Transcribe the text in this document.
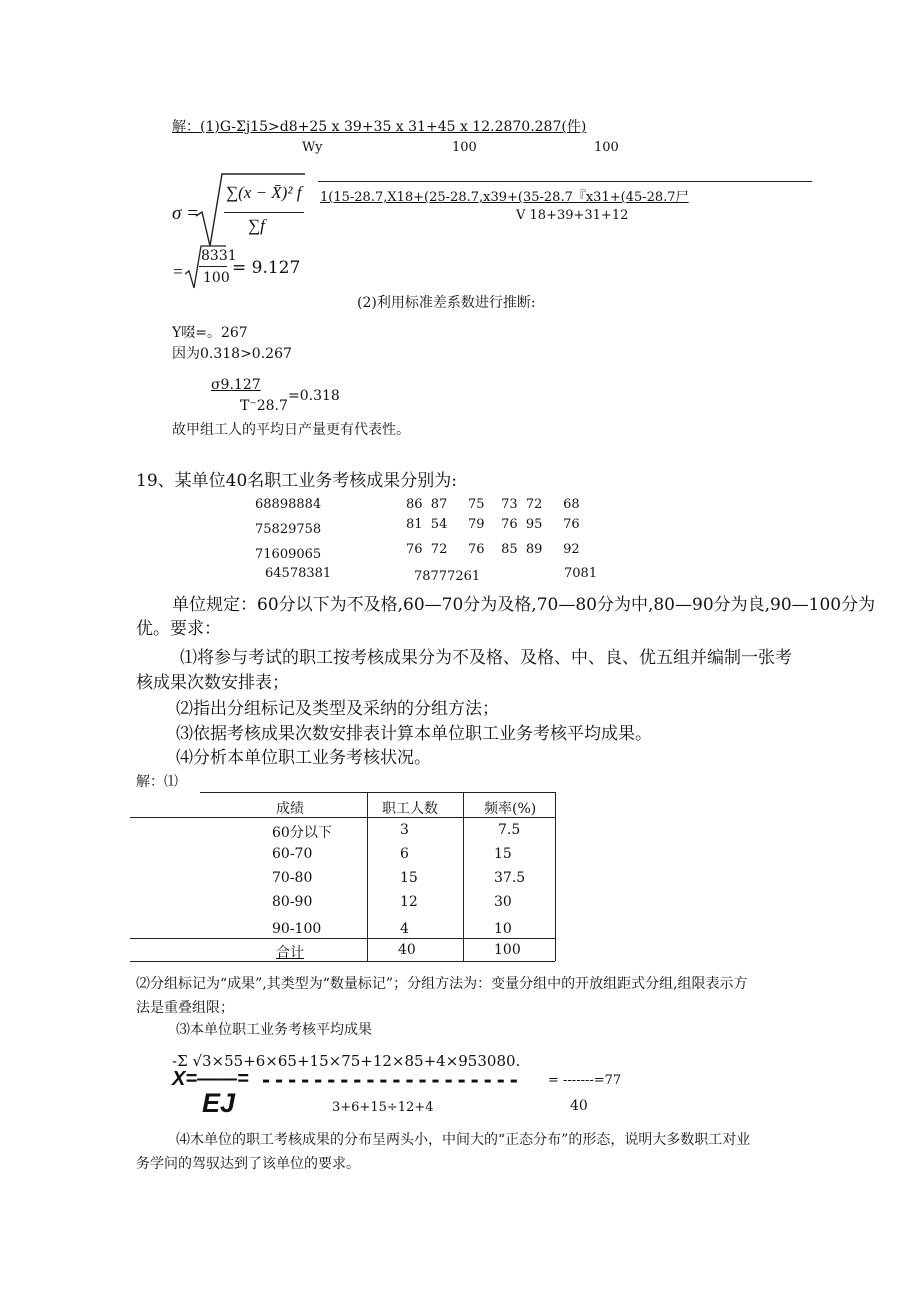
解：(1)G-Σj15>d8+25 x 39+35 x 31+45 x 12.2870.287(件)
Wy	100	100
σ =
∑(x − X̄)² f
∑f
1(15-28.7,X18+(25-28.7,x39+(35-28.7『x31+(45-28.7尸
V 18+39+31+12
=
8331
100 = 9.127
(2)利用标准差系数进行推断:
Y啜=。267
因为0.318>0.267
σ9.127
T⁻28.7
=0.318
故甲组工人的平均日产量更有代表性。
19、某单位40名职工业务考核成果分别为:
68898884	86  87     75    73  72     68
75829758	81  54     79    76  95     76
71609065	76  72     76    85  89     92
64578381	78777261	7081
单位规定：60分以下为不及格,60—70分为及格,70—80分为中,80—90分为良,90—100分为
优。要求：
⑴将参与考试的职工按考核成果分为不及格、及格、中、良、优五组并编制一张考
核成果次数安排表；
⑵指出分组标记及类型及采纳的分组方法；
⑶依据考核成果次数安排表计算本单位职工业务考核平均成果。
⑷分析本单位职工业务考核状况。
解：⑴
成绩	职工人数	频率(%)
60分以下	3	7.5
60-70	6	15
70-80	15	37.5
80-90	12	30
90-100	4	10
合计	40	100
⑵分组标记为“成果”,其类型为“数量标记”；分组方法为：变量分组中的开放组距式分组,组限表示方
法是重叠组限；
⑶本单位职工业务考核平均成果
-Σ √3×55+6×65+15×75+12×85+4×953080.
X=——= -------------------- = -------=77
EJ	3+6+15÷12+4	40
⑷木单位的职工考核成果的分布呈两头小，中间大的“正态分布”的形态，说明大多数职工对业
务学问的驾驭达到了该单位的要求。
